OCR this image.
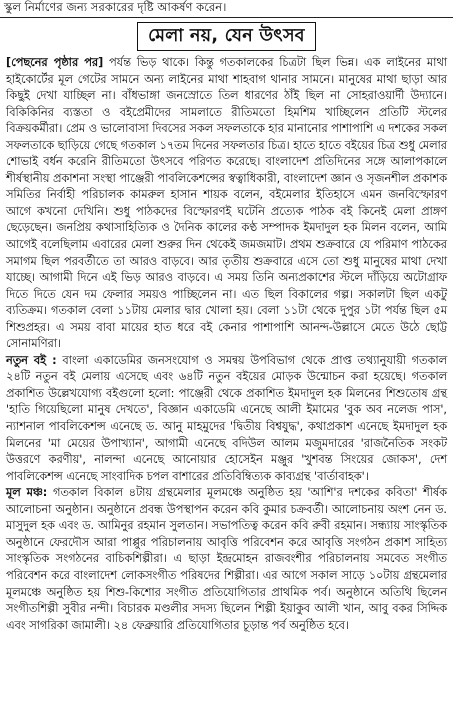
স্কুল নির্মাণের জন্য সরকারের দৃষ্টি আকর্ষণ করেন।
মেলা নয়, যেন উৎসব

[পেছনের পৃষ্ঠার পর] পর্যন্ত ভিড় থাকে। কিন্তু গতকালকের চিত্রটা ছিল ভিন্ন। এক লাইনের মাথা হাইকোর্টের মূল গেটের সামনে অন্য লাইনের মাথা শাহবাগ থানার সামনে। মানুষের মাথা ছাড়া আর কিছুই দেখা যাচ্ছিল না। বাঁধভাঙ্গা জনস্রোতে তিল ধারণের ঠাঁই ছিল না সোহরাওয়ার্দী উদ্যানে। বিকিকিনির ব্যস্ততা ও বইপ্রেমীদের সামলাতে রীতিমতো হিমশিম খাচ্ছিলেন প্রতিটি স্টলের বিক্রয়কর্মীরা। প্রেম ও ভালোবাসা দিবসের সকল সফলতাকে হার মানানোর পাশাপাশি এ দশকের সকল সফলতাকে ছাড়িয়ে গেছে গতকাল ১৭তম দিনের সফলতার চিত্র। হাতে হাতে বইয়ের চিত্র শুধু মেলার শোভাই বর্ধন করেনি রীতিমতো উৎসবে পরিণত করেছে। বাংলাদেশ প্রতিদিনের সঙ্গে আলাপকালে শীর্ষস্থানীয় প্রকাশনা সংস্থা পাঞ্জেরী পাবলিকেশন্সের স্বত্বাধিকারী, বাংলাদেশ জ্ঞান ও সৃজনশীল প্রকাশক সমিতির নির্বাহী পরিচালক কামরুল হাসান শায়ক বলেন, বইমেলার ইতিহাসে এমন জনবিস্ফোরণ আগে কখনো দেখিনি। শুধু পাঠকদের বিস্ফোরণই ঘটেনি প্রত্যেক পাঠক বই কিনেই মেলা প্রাঙ্গণ ছেড়েছেন। জনপ্রিয় কথাসাহিত্যিক ও দৈনিক কালের কণ্ঠ সম্পাদক ইমদাদুল হক মিলন বলেন, আমি আগেই বলেছিলাম এবারের মেলা শুরুর দিন থেকেই জমজমাট। প্রথম শুক্রবারে যে পরিমাণ পাঠকের সমাগম ছিল পরবর্তীতে তা আরও বাড়বে। আর তৃতীয় শুক্রবারে এসে তো শুধু মানুষের মাথা দেখা যাচ্ছে। আগামী দিনে এই ভিড় আরও বাড়বে। এ সময় তিনি অন্যপ্রকাশের স্টলে দাঁড়িয়ে অটোগ্রাফ দিতে দিতে যেন দম ফেলার সময়ও পাচ্ছিলেন না। এত ছিল বিকালের গল্প। সকালটা ছিল একটু ব্যতিক্রম। গতকাল বেলা ১১টায় মেলার দ্বার খোলা হয়। বেলা ১১টা থেকে দুপুর ১টা পর্যন্ত ছিল ৫ম শিশুপ্রহর। এ সময় বাবা মায়ের হাত ধরে বই কেনার পাশাপাশি আনন্দ-উল্লাসে মেতে উঠে ছোট্ট সোনামণিরা।

নতুন বই : বাংলা একাডেমির জনসংযোগ ও সমন্বয় উপবিভাগ থেকে প্রাপ্ত তথ্যানুযায়ী গতকাল ২৪টি নতুন বই মেলায় এসেছে এবং ৬৪টি নতুন বইয়ের মোড়ক উন্মোচন করা হয়েছে। গতকাল প্রকাশিত উল্লেখযোগ্য বইগুলো হলো: পাঞ্জেরী থেকে প্রকাশিত ইমদাদুল হক মিলনের শিশুতোষ গ্রন্থ 'হাতি গিয়েছিলো মানুষ দেখতে', বিজ্ঞান একাডেমি এনেছে আলী ইমামের 'বুক অব নলেজ পাস', ন্যাশনাল পাবলিকেশন্স এনেছে ড. আনু মাহমুদের 'দ্বিতীয় বিশ্বযুদ্ধ', কথাপ্রকাশ এনেছে ইমদাদুল হক মিলনের 'মা মেয়ের উপাখ্যান', আগামী এনেছে বদিউল আলম মজুমদারের 'রাজনৈতিক সংকট উত্তরণে করণীয়', নালন্দা এনেছে আনোয়ার হোসেইন মঞ্জুর 'খুশবন্ত সিংয়ের জোকস', দেশ পাবলিকেশন্স এনেছে সাংবাদিক চপল বাশারের প্রতিবিম্বিত্যক কাব্যগ্রন্থ 'বার্তাবাহক'।

মূল মঞ্চ: গতকাল বিকাল ৪টায় গ্রন্থমেলার মূলমঞ্চে অনুষ্ঠিত হয় 'আশি'র দশকের কবিতা' শীর্ষক আলোচনা অনুষ্ঠান। অনুষ্ঠানে প্রবন্ধ উপস্থাপন করেন কবি কুমার চক্রবর্তী। আলোচনায় অংশ নেন ড. মাসুদুল হক এবং ড. আমিনুর রহমান সুলতান। সভাপতিত্ব করেন কবি রুবী রহমান। সন্ধ্যায় সাংস্কৃতিক অনুষ্ঠানে ফেরদৌস আরা পাপ্পুর পরিচালনায় আবৃত্তি পরিবেশন করে আবৃত্তি সংগঠন প্রকাশ সাহিত্য সাংস্কৃতিক সংগঠনের বাচিকশিল্পীরা। এ ছাড়া ইন্দ্রমোহন রাজবংশীর পরিচালনায় সমবেত সংগীত পরিবেশন করে বাংলাদেশ লোকসংগীত পরিষদের শিল্পীরা। এর আগে সকাল সাড়ে ১০টায় গ্রন্থমেলার মূলমঞ্চে অনুষ্ঠিত হয় শিশু-কিশোর সংগীত প্রতিযোগিতার প্রাথমিক পর্ব। অনুষ্ঠানে অতিথি ছিলেন সংগীতশিল্পী সুবীর নন্দী। বিচারক মণ্ডলীর সদস্য ছিলেন শিল্পী ইয়াকুব আলী খান, আবু বকর সিদ্দিক এবং সাগরিকা জামালী। ২৪ ফেব্রুয়ারি প্রতিযোগিতার চূড়ান্ত পর্ব অনুষ্ঠিত হবে।
